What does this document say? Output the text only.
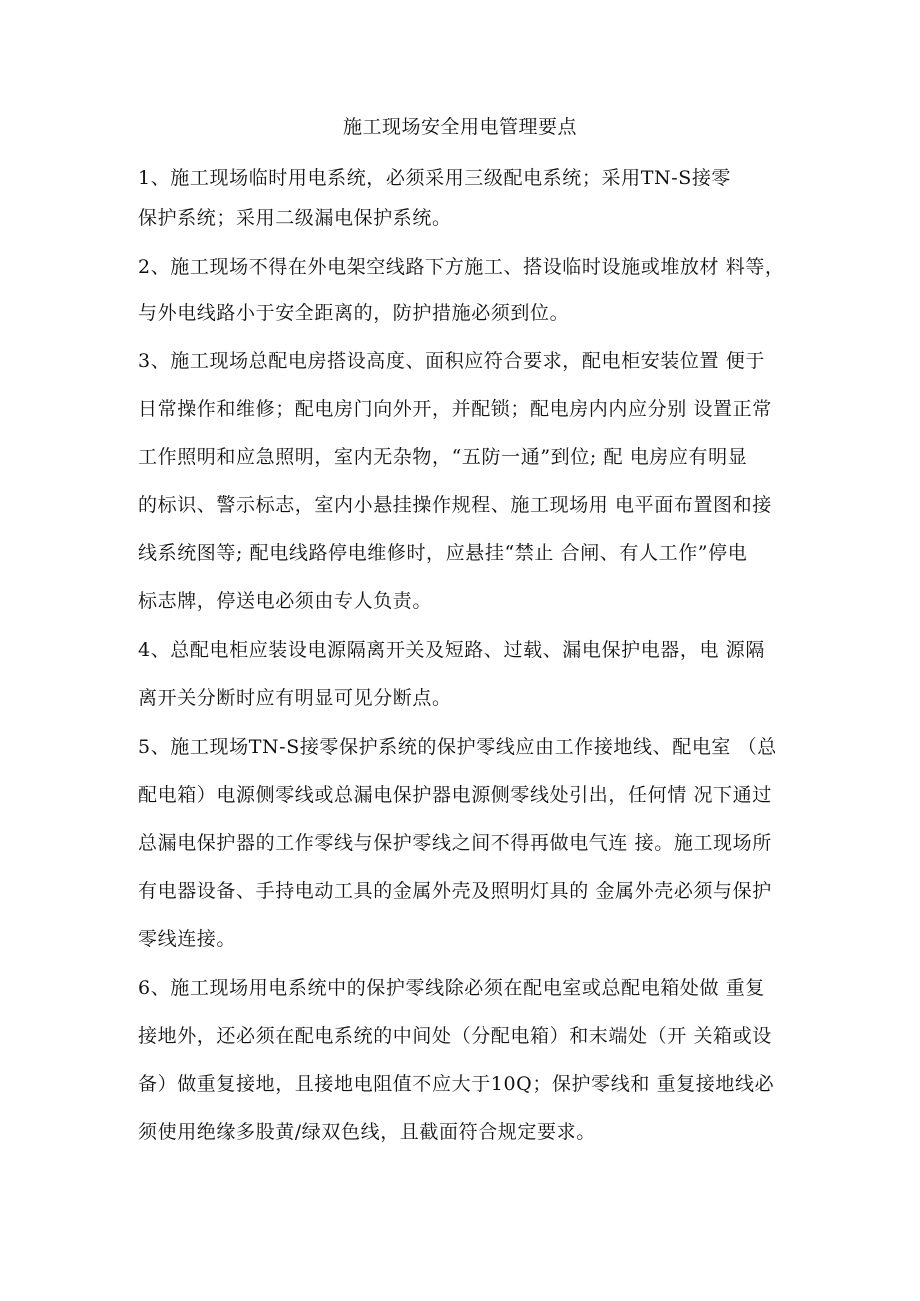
施工现场安全用电管理要点
1、施工现场临时用电系统，必须采用三级配电系统；采用TN-S接零
保护系统；采用二级漏电保护系统。
2、施工现场不得在外电架空线路下方施工、搭设临时设施或堆放材 料等，
与外电线路小于安全距离的，防护措施必须到位。
3、施工现场总配电房搭设高度、面积应符合要求，配电柜安装位置 便于
日常操作和维修；配电房门向外开，并配锁；配电房内内应分别 设置正常
工作照明和应急照明，室内无杂物，“五防一通”到位; 配 电房应有明显
的标识、警示标志，室内小悬挂操作规程、施工现场用 电平面布置图和接
线系统图等; 配电线路停电维修时，应悬挂“禁止 合闸、有人工作”停电
标志牌，停送电必须由专人负责。
4、总配电柜应装设电源隔离开关及短路、过载、漏电保护电器，电 源隔
离开关分断时应有明显可见分断点。
5、施工现场TN-S接零保护系统的保护零线应由工作接地线、配电室 （总
配电箱）电源侧零线或总漏电保护器电源侧零线处引出，任何情 况下通过
总漏电保护器的工作零线与保护零线之间不得再做电气连 接。施工现场所
有电器设备、手持电动工具的金属外壳及照明灯具的 金属外壳必须与保护
零线连接。
6、施工现场用电系统中的保护零线除必须在配电室或总配电箱处做 重复
接地外，还必须在配电系统的中间处（分配电箱）和末端处（开 关箱或设
备）做重复接地，且接地电阻值不应大于10Q；保护零线和 重复接地线必
须使用绝缘多股黄/绿双色线，且截面符合规定要求。
